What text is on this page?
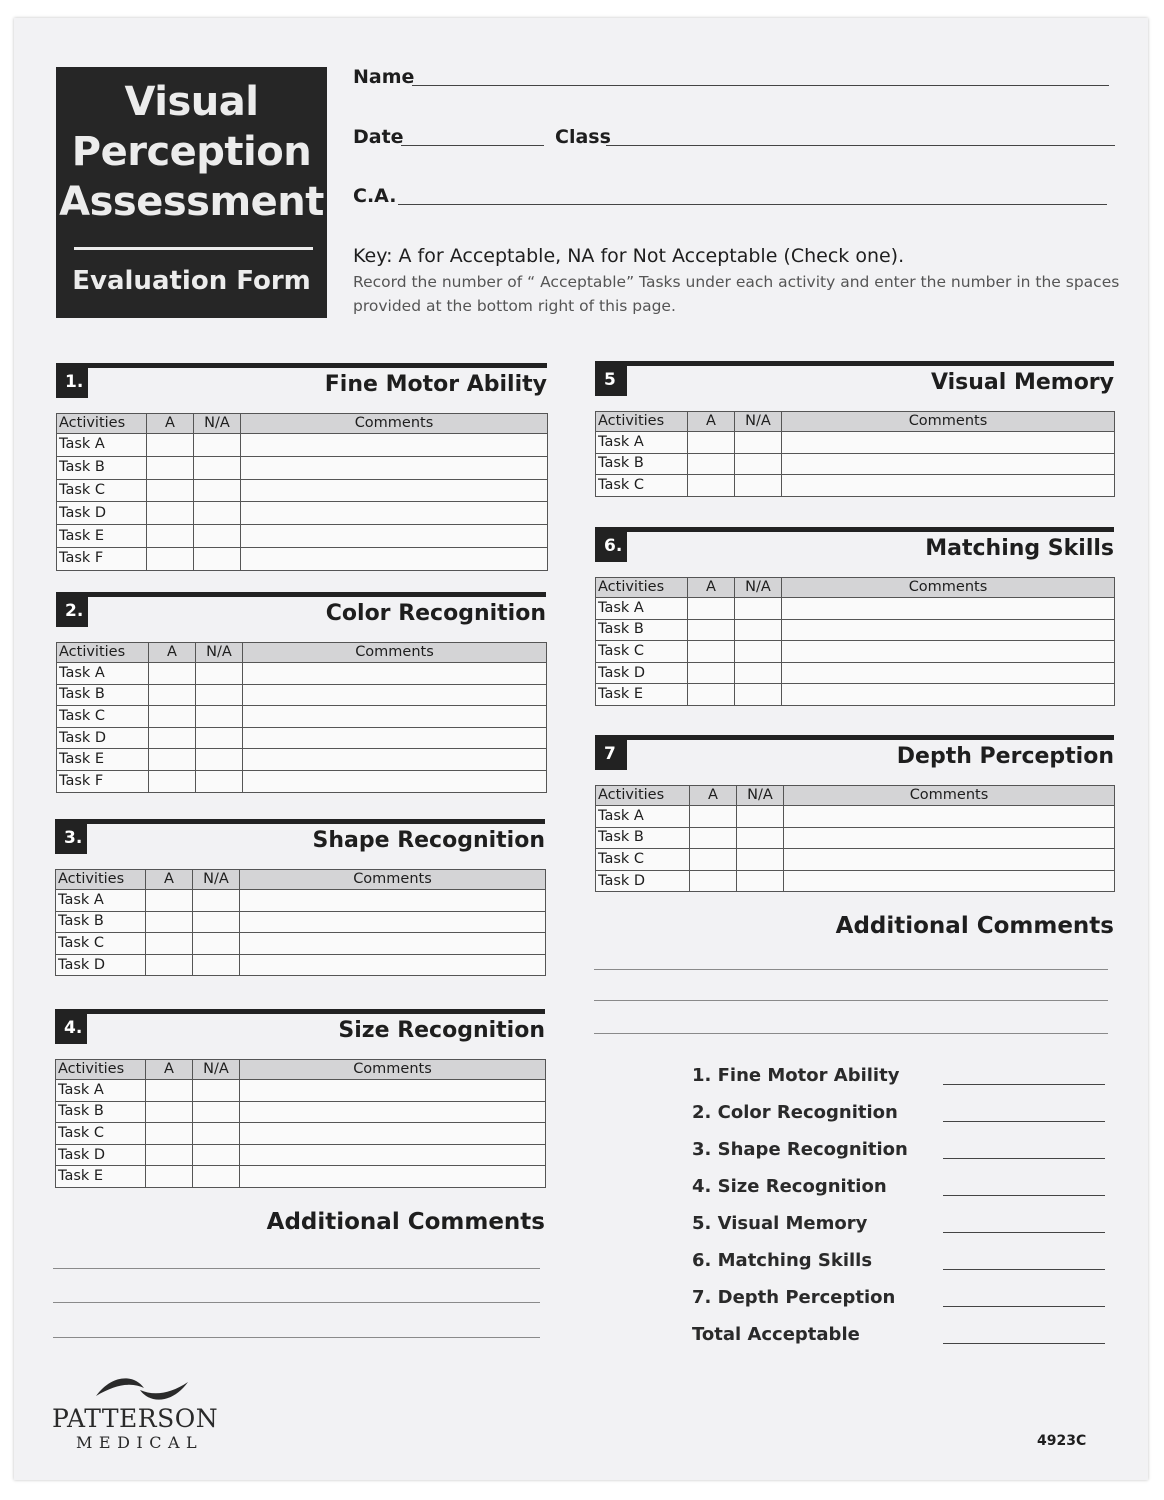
Visual
Perception
Assessment
Evaluation Form
Name
Date	Class
C.A.
Key: A for Acceptable, NA for Not Acceptable (Check one).
Record the number of “ Acceptable” Tasks under each activity and enter the number in the spaces
provided at the bottom right of this page.
1.	Fine Motor Ability
Activities	A	N/A	Comments
Task A			
Task B			
Task C			
Task D			
Task E			
Task F			
2.	Color Recognition
Activities	A	N/A	Comments
Task A			
Task B			
Task C			
Task D			
Task E			
Task F			
3.	Shape Recognition
Activities	A	N/A	Comments
Task A			
Task B			
Task C			
Task D			
4.	Size Recognition
Activities	A	N/A	Comments
Task A			
Task B			
Task C			
Task D			
Task E			
5	Visual Memory
Activities	A	N/A	Comments
Task A			
Task B			
Task C			
6.	Matching Skills
Activities	A	N/A	Comments
Task A			
Task B			
Task C			
Task D			
Task E			
7	Depth Perception
Activities	A	N/A	Comments
Task A			
Task B			
Task C			
Task D			
Additional Comments
Additional Comments
1. Fine Motor Ability
2. Color Recognition
3. Shape Recognition
4. Size Recognition
5. Visual Memory
6. Matching Skills
7. Depth Perception
Total Acceptable
PATTERSON
MEDICAL	4923C
